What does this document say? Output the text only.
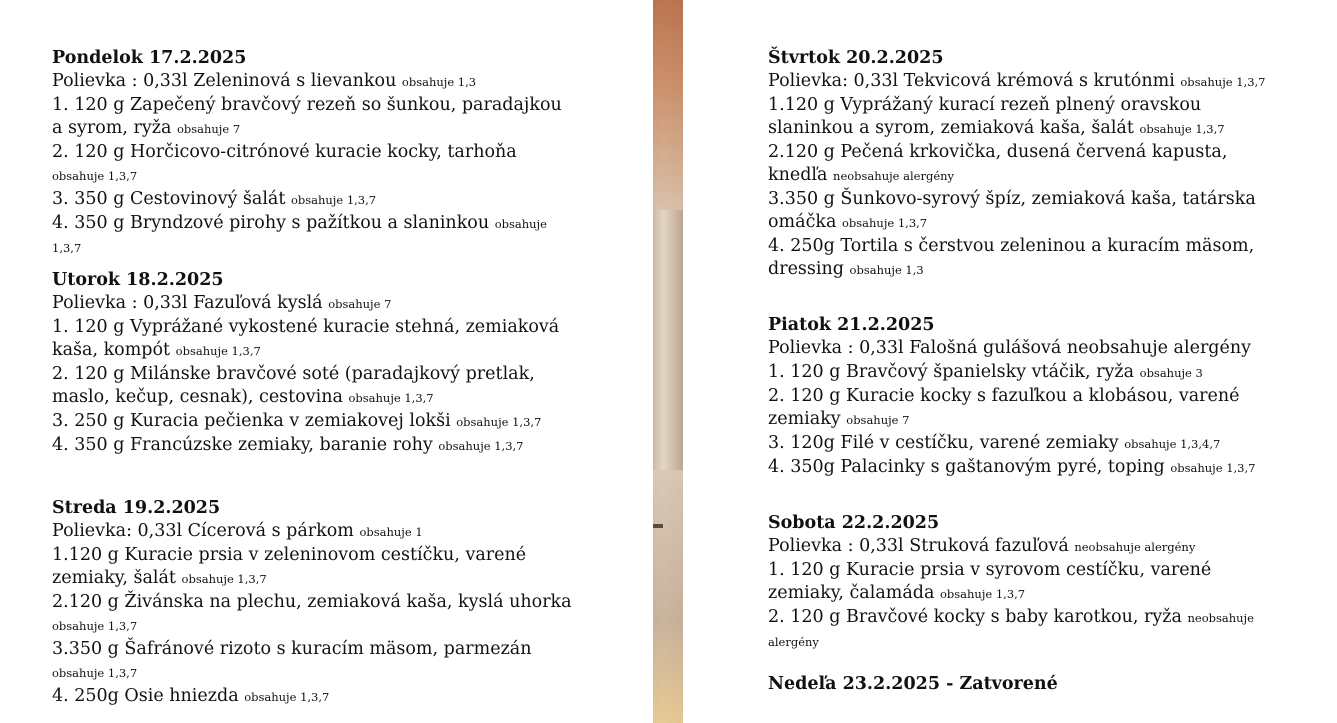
Pondelok 17.2.2025
Polievka : 0,33l Zeleninová s lievankou obsahuje 1,3
1. 120 g Zapečený bravčový rezeň so šunkou, paradajkou a syrom, ryža obsahuje 7
2. 120 g Horčicovo-citrónové kuracie kocky, tarhoňa obsahuje 1,3,7
3. 350 g Cestovinový šalát obsahuje 1,3,7
4. 350 g Bryndzové pirohy s pažítkou a slaninkou obsahuje 1,3,7
Utorok 18.2.2025
Polievka : 0,33l Fazuľová kyslá obsahuje 7
1. 120 g Vyprážané vykostené kuracie stehná, zemiaková kaša, kompót obsahuje 1,3,7
2. 120 g Milánske bravčové soté (paradajkový pretlak, maslo, kečup, cesnak), cestovina obsahuje 1,3,7
3. 250 g Kuracia pečienka v zemiakovej lokši obsahuje 1,3,7
4. 350 g Francúzske zemiaky, baranie rohy obsahuje 1,3,7
Streda 19.2.2025
Polievka: 0,33l Cícerová s párkom obsahuje 1
1.120 g Kuracie prsia v zeleninovom cestíčku, varené zemiaky, šalát obsahuje 1,3,7
2.120 g Živánska na plechu, zemiaková kaša, kyslá uhorka obsahuje 1,3,7
3.350 g Šafránové rizoto s kuracím mäsom, parmezán obsahuje 1,3,7
4. 250g Osie hniezda obsahuje 1,3,7
Štvrtok 20.2.2025
Polievka: 0,33l Tekvicová krémová s krutónmi obsahuje 1,3,7
1.120 g Vyprážaný kurací rezeň plnený oravskou slaninkou a syrom, zemiaková kaša, šalát obsahuje 1,3,7
2.120 g Pečená krkovička, dusená červená kapusta, knedľa neobsahuje alergény
3.350 g Šunkovo-syrový špíz, zemiaková kaša, tatárska omáčka obsahuje 1,3,7
4. 250g Tortila s čerstvou zeleninou a kuracím mäsom, dressing obsahuje 1,3
Piatok 21.2.2025
Polievka : 0,33l Falošná gulášová neobsahuje alergény
1. 120 g Bravčový španielsky vtáčik, ryža obsahuje 3
2. 120 g Kuracie kocky s fazuľkou a klobásou, varené zemiaky obsahuje 7
3. 120g Filé v cestíčku, varené zemiaky obsahuje 1,3,4,7
4. 350g Palacinky s gaštanovým pyré, toping obsahuje 1,3,7
Sobota 22.2.2025
Polievka : 0,33l Struková fazuľová neobsahuje alergény
1. 120 g Kuracie prsia v syrovom cestíčku, varené zemiaky, čalamáda obsahuje 1,3,7
2. 120 g Bravčové kocky s baby karotkou, ryža neobsahuje alergény
Nedeľa 23.2.2025 - Zatvorené
